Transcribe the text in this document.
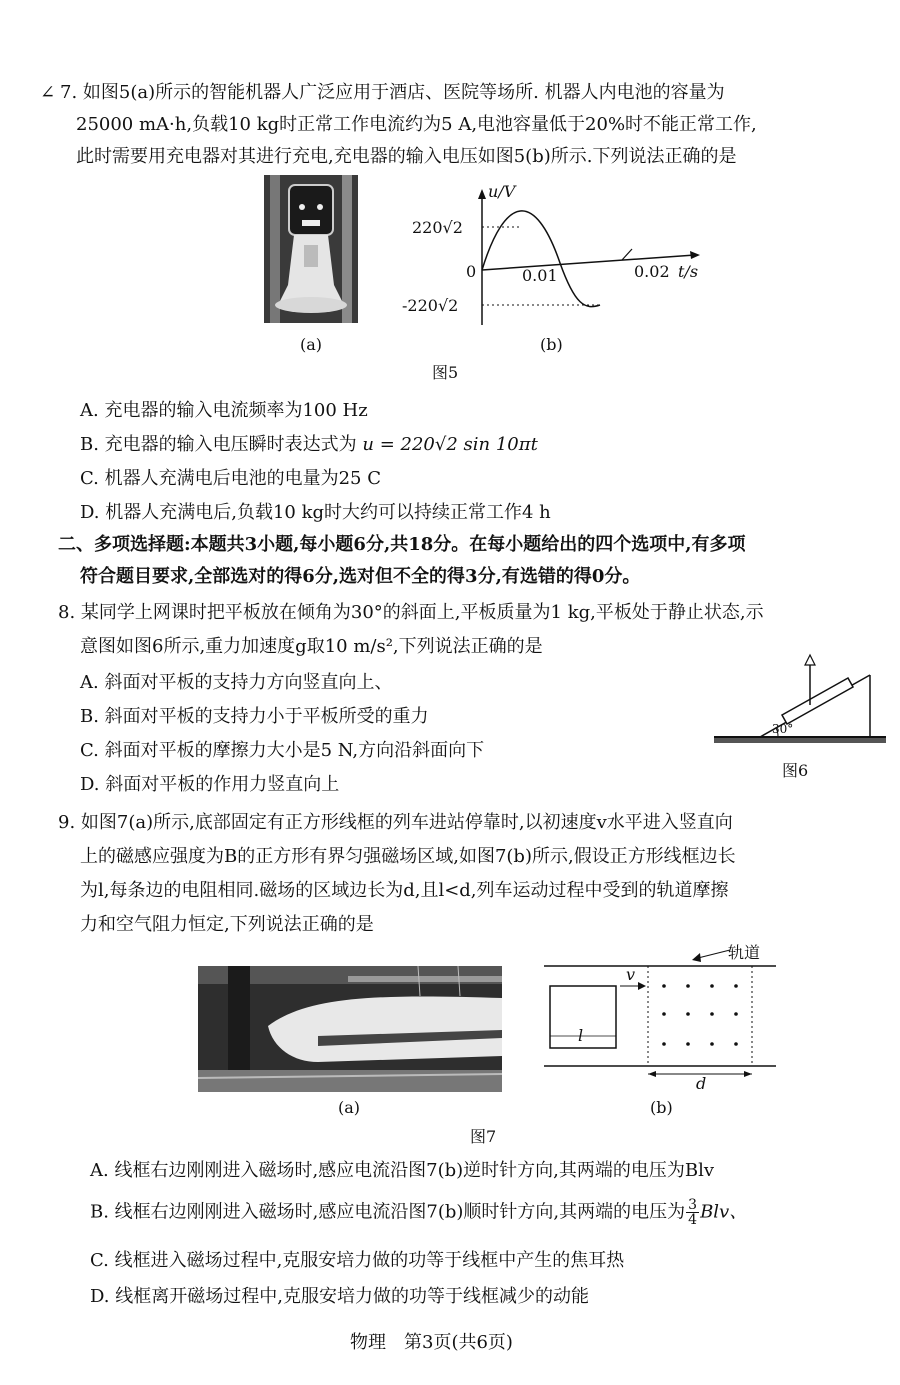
∠ 7. 如图5(a)所示的智能机器人广泛应用于酒店、医院等场所. 机器人内电池的容量为
25000 mA·h,负载10 kg时正常工作电流约为5 A,电池容量低于20%时不能正常工作,
此时需要用充电器对其进行充电,充电器的输入电压如图5(b)所示.下列说法正确的是
(a)
u/V
220√2
0	0.01	0.02 t/s
-220√2
(b)
图5
A. 充电器的输入电流频率为100 Hz
B. 充电器的输入电压瞬时表达式为 u = 220√2 sin 10πt
C. 机器人充满电后电池的电量为25 C
D. 机器人充满电后,负载10 kg时大约可以持续正常工作4 h
二、多项选择题:本题共3小题,每小题6分,共18分。在每小题给出的四个选项中,有多项
符合题目要求,全部选对的得6分,选对但不全的得3分,有选错的得0分。
8. 某同学上网课时把平板放在倾角为30°的斜面上,平板质量为1 kg,平板处于静止状态,示
意图如图6所示,重力加速度g取10 m/s²,下列说法正确的是
A. 斜面对平板的支持力方向竖直向上、
B. 斜面对平板的支持力小于平板所受的重力
C. 斜面对平板的摩擦力大小是5 N,方向沿斜面向下
D. 斜面对平板的作用力竖直向上
30°
图6
9. 如图7(a)所示,底部固定有正方形线框的列车进站停靠时,以初速度v水平进入竖直向
上的磁感应强度为B的正方形有界匀强磁场区域,如图7(b)所示,假设正方形线框边长
为l,每条边的电阻相同.磁场的区域边长为d,且l<d,列车运动过程中受到的轨道摩擦
力和空气阻力恒定,下列说法正确的是
(a)
轨道
v
l
d
(b)
图7
A. 线框右边刚刚进入磁场时,感应电流沿图7(b)逆时针方向,其两端的电压为Blv
B. 线框右边刚刚进入磁场时,感应电流沿图7(b)顺时针方向,其两端的电压为 $\frac{3}{4}$ Blv、
C. 线框进入磁场过程中,克服安培力做的功等于线框中产生的焦耳热
D. 线框离开磁场过程中,克服安培力做的功等于线框减少的动能
物理　第3页(共6页)
